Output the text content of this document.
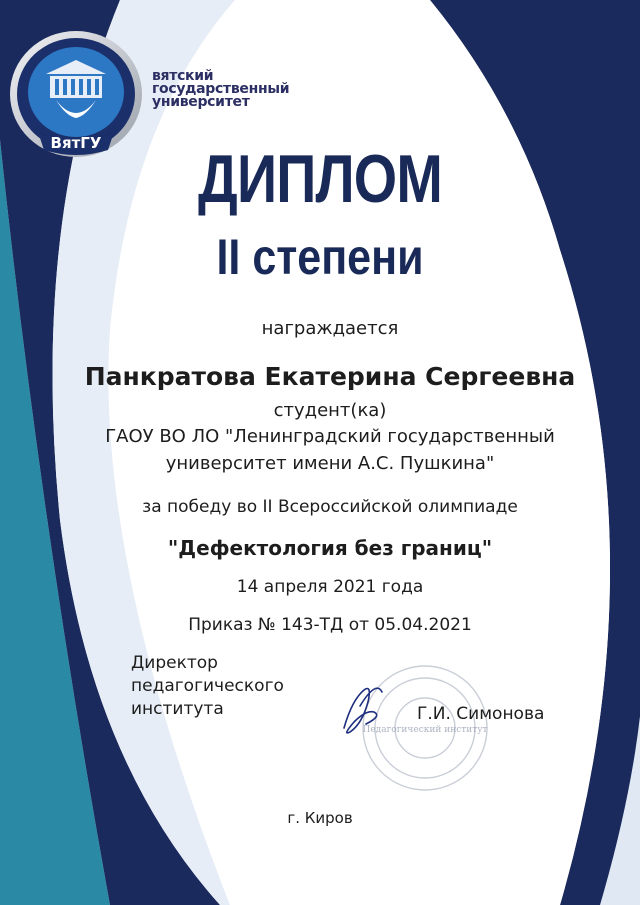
ВятГУ
вятский
государственный
университет
ДИПЛОМ
II степени
награждается
Панкратова Екатерина Сергеевна
студент(ка)
ГАОУ ВО ЛО "Ленинградский государственный
университет имени А.С. Пушкина"
за победу во II Всероссийской олимпиаде
"Дефектология без границ"
14 апреля 2021 года
Приказ № 143-ТД от 05.04.2021
Директор
педагогического
института
Педагогический институт
Г.И. Симонова
г. Киров
